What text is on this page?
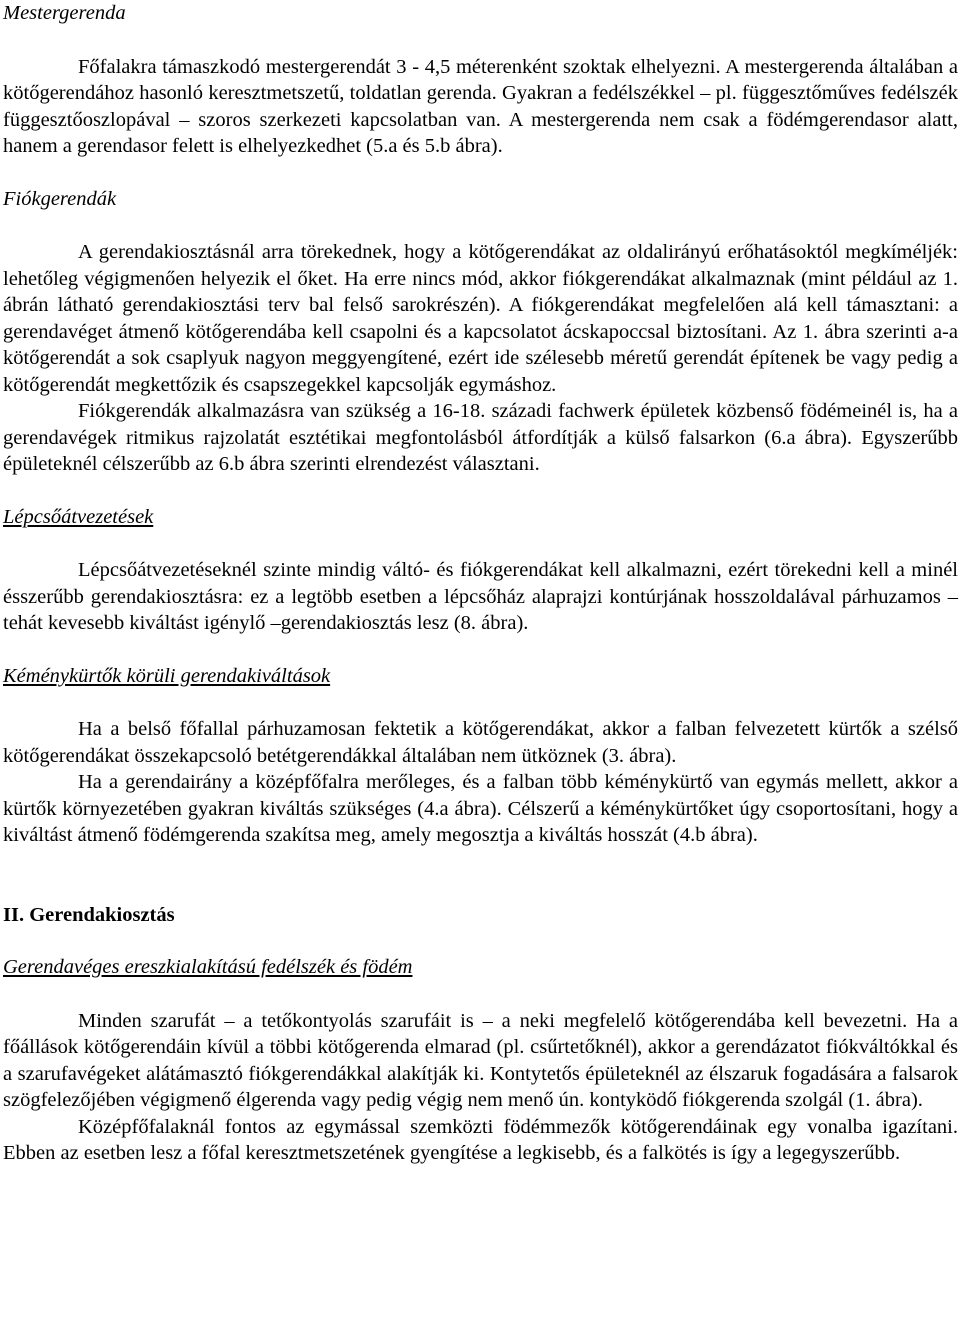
Mestergerenda

Főfalakra támaszkodó mestergerendát 3 - 4,5 méterenként szoktak elhelyezni. A mestergerenda általában a kötőgerendához hasonló keresztmetszetű, toldatlan gerenda. Gyakran a fedélszékkel – pl. függesztőműves fedélszék függesztőoszlopával – szoros szerkezeti kapcsolatban van. A mestergerenda nem csak a födémgerendasor alatt, hanem a gerendasor felett is elhelyezkedhet (5.a és 5.b ábra).

Fiókgerendák

A gerendakiosztásnál arra törekednek, hogy a kötőgerendákat az oldalirányú erőhatásoktól megkíméljék: lehetőleg végigmenően helyezik el őket. Ha erre nincs mód, akkor fiókgerendákat alkalmaznak (mint például az 1. ábrán látható gerendakiosztási terv bal felső sarokrészén). A fiókgerendákat megfelelően alá kell támasztani: a gerendavéget átmenő kötőgerendába kell csapolni és a kapcsolatot ácskapoccsal biztosítani. Az 1. ábra szerinti a-a kötőgerendát a sok csaplyuk nagyon meggyengítené, ezért ide szélesebb méretű gerendát építenek be vagy pedig a kötőgerendát megkettőzik és csapszegekkel kapcsolják egymáshoz.

Fiókgerendák alkalmazásra van szükség a 16-18. századi fachwerk épületek közbenső födémeinél is, ha a gerendavégek ritmikus rajzolatát esztétikai megfontolásból átfordítják a külső falsarkon (6.a ábra). Egyszerűbb épületeknél célszerűbb az 6.b ábra szerinti elrendezést választani.

Lépcsőátvezetések

Lépcsőátvezetéseknél szinte mindig váltó- és fiókgerendákat kell alkalmazni, ezért törekedni kell a minél ésszerűbb gerendakiosztásra: ez a legtöbb esetben a lépcsőház alaprajzi kontúrjának hosszoldalával párhuzamos – tehát kevesebb kiváltást igénylő –gerendakiosztás lesz (8. ábra).

Kéménykürtők körüli gerendakiváltások

Ha a belső főfallal párhuzamosan fektetik a kötőgerendákat, akkor a falban felvezetett kürtők a szélső kötőgerendákat összekapcsoló betétgerendákkal általában nem ütköznek (3. ábra).

Ha a gerendairány a középfőfalra merőleges, és a falban több kéménykürtő van egymás mellett, akkor a kürtők környezetében gyakran kiváltás szükséges (4.a ábra). Célszerű a kéménykürtőket úgy csoportosítani, hogy a kiváltást átmenő födémgerenda szakítsa meg, amely megosztja a kiváltás hosszát (4.b ábra).

II. Gerendakiosztás

Gerendavéges ereszkialakítású fedélszék és födém

Minden szarufát – a tetőkontyolás szarufáit is – a neki megfelelő kötőgerendába kell bevezetni. Ha a főállások kötőgerendáin kívül a többi kötőgerenda elmarad (pl. csűrtetőknél), akkor a gerendázatot fiókváltókkal és a szarufavégeket alátámasztó fiókgerendákkal alakítják ki. Kontytetős épületeknél az élszaruk fogadására a falsarok szögfelezőjében végigmenő élgerenda vagy pedig végig nem menő ún. kontyködő fiókgerenda szolgál (1. ábra).

Középfőfalaknál fontos az egymással szemközti födémmezők kötőgerendáinak egy vonalba igazítani. Ebben az esetben lesz a főfal keresztmetszetének gyengítése a legkisebb, és a falkötés is így a legegyszerűbb.
